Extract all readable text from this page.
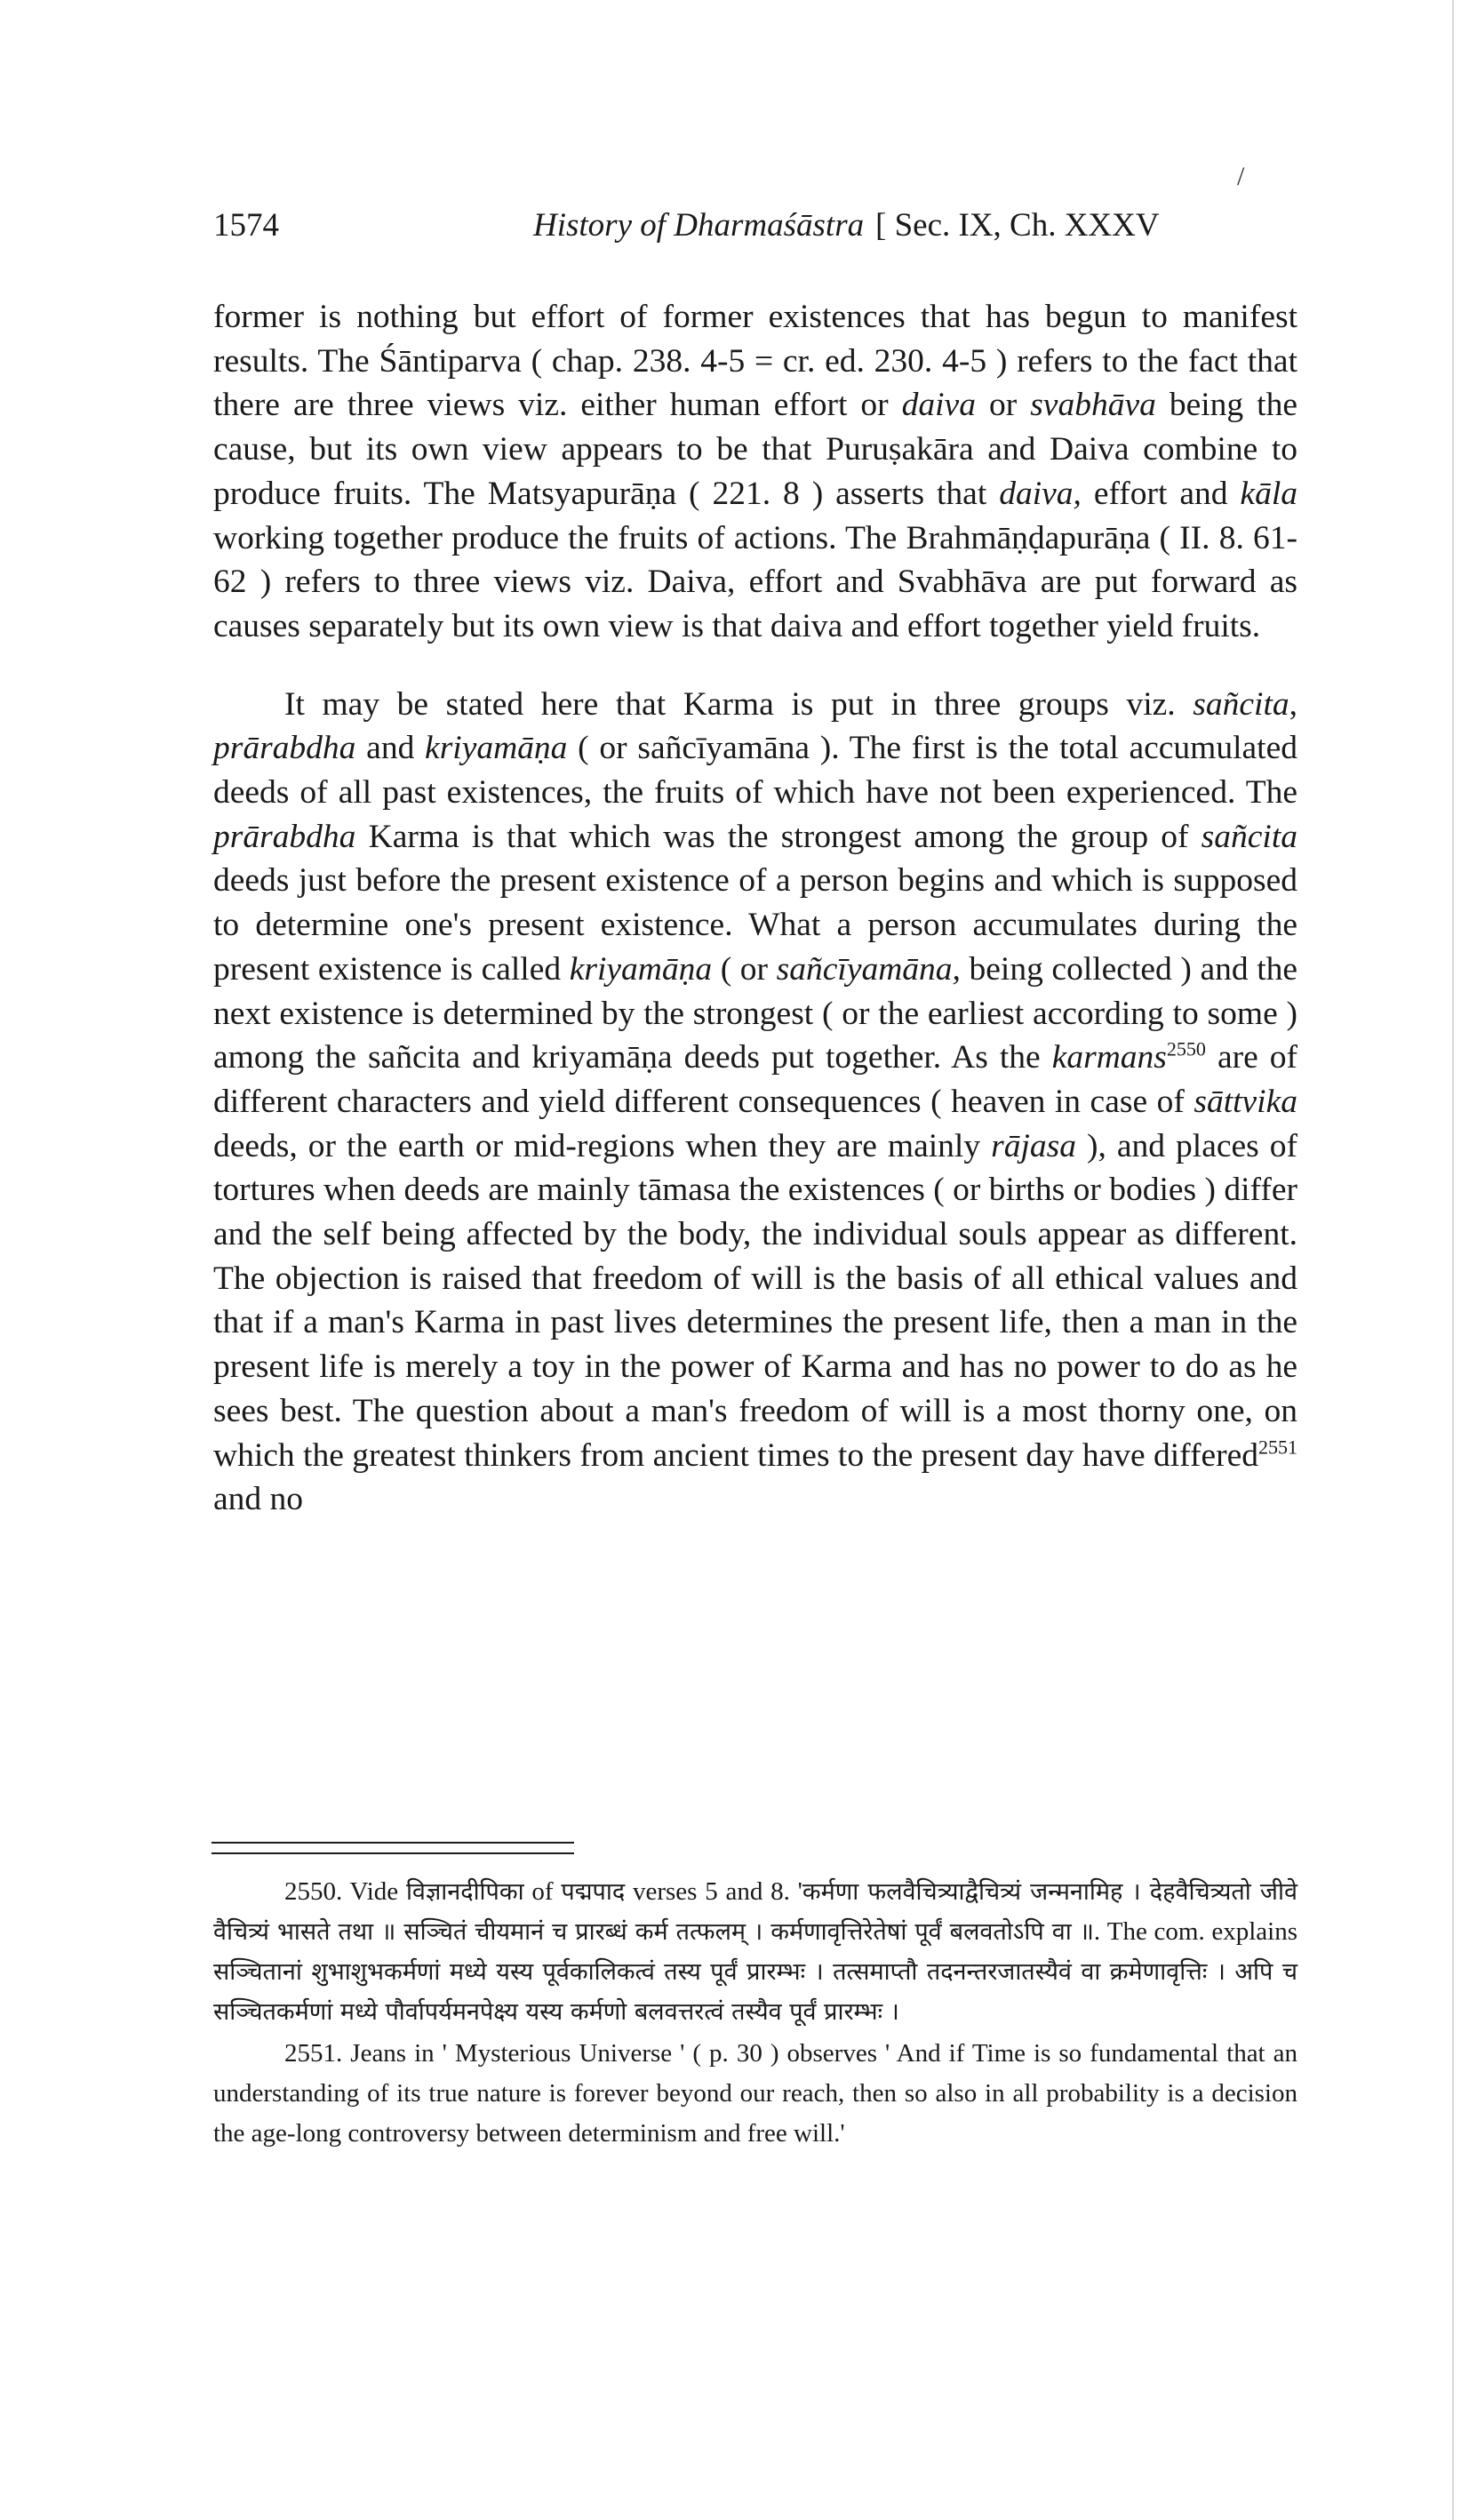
/
1574	History of Dharmaśāstra [ Sec. IX, Ch. XXXV

former is nothing but effort of former existences that has begun to manifest results. The Śāntiparva ( chap. 238. 4-5 = cr. ed. 230. 4-5 ) refers to the fact that there are three views viz. either human effort or daiva or svabhāva being the cause, but its own view appears to be that Puruṣakāra and Daiva combine to produce fruits. The Matsyapurāṇa ( 221. 8 ) asserts that daiva, effort and kāla working together produce the fruits of actions. The Brahmāṇḍapurāṇa ( II. 8. 61-62 ) refers to three views viz. Daiva, effort and Svabhāva are put forward as causes separately but its own view is that daiva and effort together yield fruits.

It may be stated here that Karma is put in three groups viz. sañcita, prārabdha and kriyamāṇa ( or sañcīyamāna ). The first is the total accumulated deeds of all past existences, the fruits of which have not been experienced. The prārabdha Karma is that which was the strongest among the group of sañcita deeds just before the present existence of a person begins and which is supposed to determine one's present existence. What a person accumulates during the present existence is called kriyamāṇa ( or sañcīyamāna, being collected ) and the next existence is determined by the strongest ( or the earliest according to some ) among the sañcita and kriyamāṇa deeds put together. As the karmans$^{2550}$ are of different characters and yield different consequences ( heaven in case of sāttvika deeds, or the earth or mid-regions when they are mainly rājasa ), and places of tortures when deeds are mainly tāmasa the existences ( or births or bodies ) differ and the self being affected by the body, the individual souls appear as different. The objection is raised that freedom of will is the basis of all ethical values and that if a man's Karma in past lives determines the present life, then a man in the present life is merely a toy in the power of Karma and has no power to do as he sees best. The question about a man's freedom of will is a most thorny one, on which the greatest thinkers from ancient times to the present day have differed$^{2551}$ and no

2550. Vide विज्ञानदीपिका of पद्मपाद verses 5 and 8. 'कर्मणा फलवैचित्र्याद्वैचित्र्यं जन्मनामिह । देहवैचित्र्यतो जीवे वैचित्र्यं भासते तथा ॥ सञ्चितं चीयमानं च प्रारब्धं कर्म तत्फलम् । कर्मणावृत्तिरेतेषां पूर्वं बलवतोऽपि वा ॥. The com. explains सञ्चितानां शुभाशुभकर्मणां मध्ये यस्य पूर्वकालिकत्वं तस्य पूर्वं प्रारम्भः । तत्समाप्तौ तदनन्तरजातस्यैवं वा क्रमेणावृत्तिः । अपि च सञ्चितकर्मणां मध्ये पौर्वापर्यमनपेक्ष्य यस्य कर्मणो बलवत्तरत्वं तस्यैव पूर्वं प्रारम्भः ।

2551. Jeans in ' Mysterious Universe ' ( p. 30 ) observes ' And if Time is so fundamental that an understanding of its true nature is forever beyond our reach, then so also in all probability is a decision the age-long controversy between determinism and free will.'
